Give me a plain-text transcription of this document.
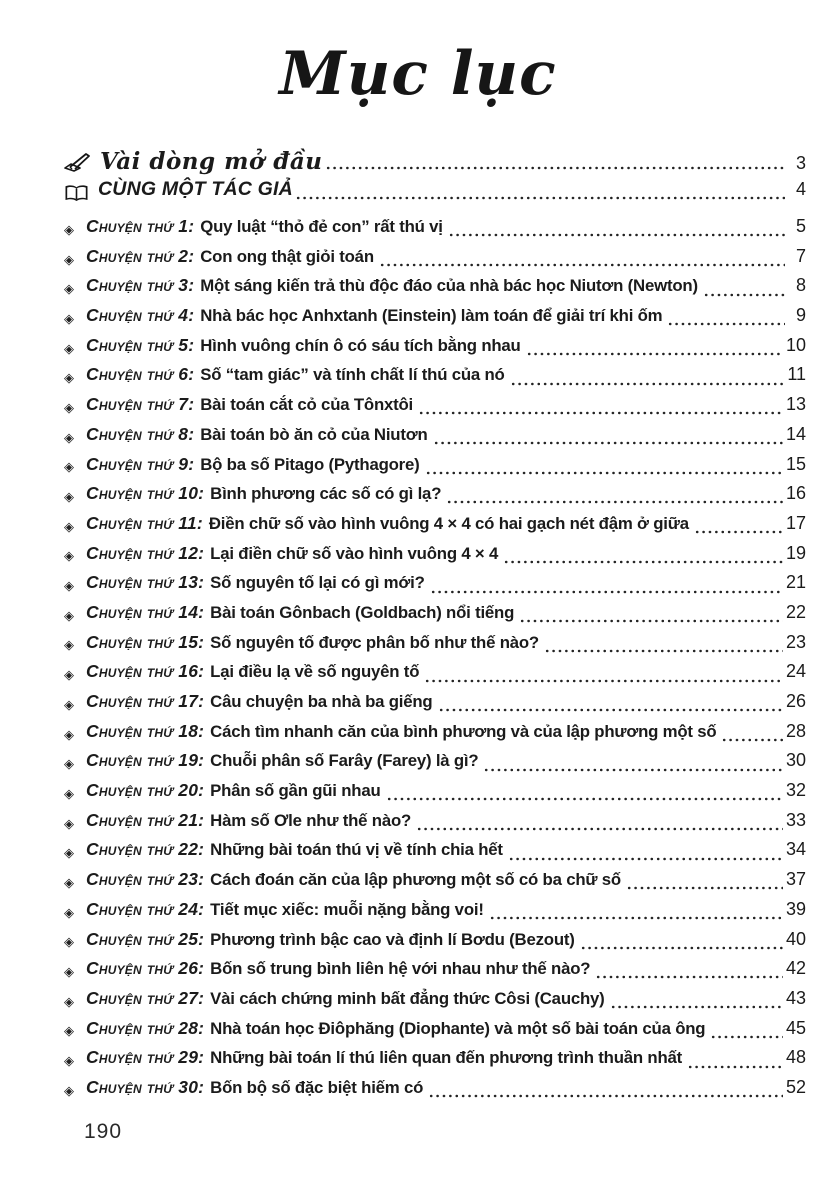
Mục lục
Vài dòng mở đầu	3
CÙNG MỘT TÁC GIẢ	4
◈ Chuyện thứ 1: Quy luật “thỏ đẻ con” rất thú vị	5
◈ Chuyện thứ 2: Con ong thật giỏi toán	7
◈ Chuyện thứ 3: Một sáng kiến trả thù độc đáo của nhà bác học Niutơn (Newton)	8
◈ Chuyện thứ 4: Nhà bác học Anhxtanh (Einstein) làm toán để giải trí khi ốm	9
◈ Chuyện thứ 5: Hình vuông chín ô có sáu tích bằng nhau	10
◈ Chuyện thứ 6: Số “tam giác” và tính chất lí thú của nó	11
◈ Chuyện thứ 7: Bài toán cắt cỏ của Tônxtôi	13
◈ Chuyện thứ 8: Bài toán bò ăn cỏ của Niutơn	14
◈ Chuyện thứ 9: Bộ ba số Pitago (Pythagore)	15
◈ Chuyện thứ 10: Bình phương các số có gì lạ?	16
◈ Chuyện thứ 11: Điền chữ số vào hình vuông 4 × 4 có hai gạch nét đậm ở giữa	17
◈ Chuyện thứ 12: Lại điền chữ số vào hình vuông 4 × 4	19
◈ Chuyện thứ 13: Số nguyên tố lại có gì mới?	21
◈ Chuyện thứ 14: Bài toán Gônbach (Goldbach) nổi tiếng	22
◈ Chuyện thứ 15: Số nguyên tố được phân bố như thế nào?	23
◈ Chuyện thứ 16: Lại điều lạ về số nguyên tố	24
◈ Chuyện thứ 17: Câu chuyện ba nhà ba giếng	26
◈ Chuyện thứ 18: Cách tìm nhanh căn của bình phương và của lập phương một số	28
◈ Chuyện thứ 19: Chuỗi phân số Farây (Farey) là gì?	30
◈ Chuyện thứ 20: Phân số gần gũi nhau	32
◈ Chuyện thứ 21: Hàm số Ơle như thế nào?	33
◈ Chuyện thứ 22: Những bài toán thú vị về tính chia hết	34
◈ Chuyện thứ 23: Cách đoán căn của lập phương một số có ba chữ số	37
◈ Chuyện thứ 24: Tiết mục xiếc: muỗi nặng bằng voi!	39
◈ Chuyện thứ 25: Phương trình bậc cao và định lí Bơdu (Bezout)	40
◈ Chuyện thứ 26: Bốn số trung bình liên hệ với nhau như thế nào?	42
◈ Chuyện thứ 27: Vài cách chứng minh bất đẳng thức Côsi (Cauchy)	43
◈ Chuyện thứ 28: Nhà toán học Điôphăng (Diophante) và một số bài toán của ông	45
◈ Chuyện thứ 29: Những bài toán lí thú liên quan đến phương trình thuần nhất	48
◈ Chuyện thứ 30: Bốn bộ số đặc biệt hiếm có	52
190
